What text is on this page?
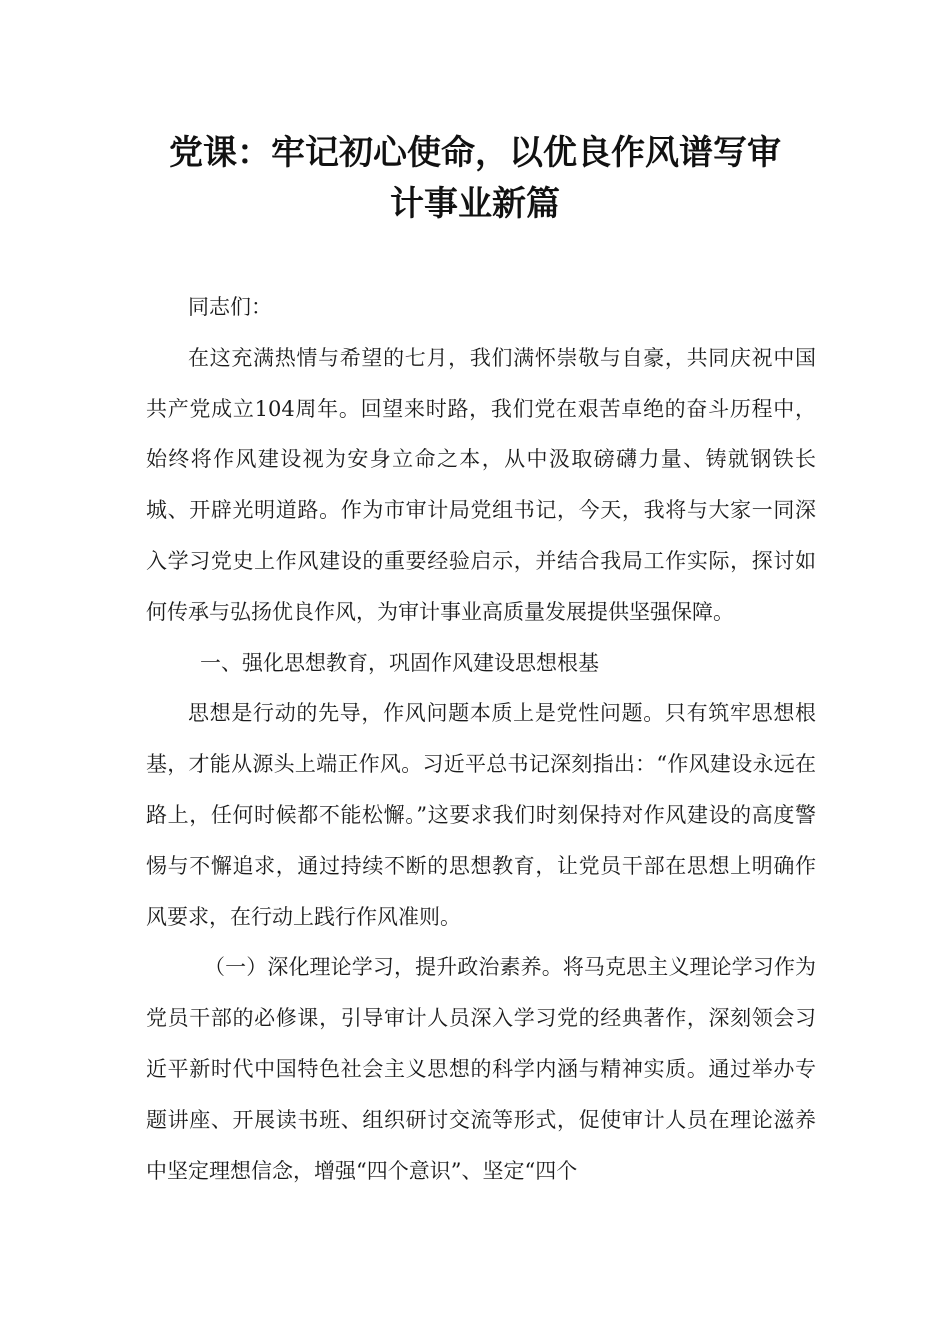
党课：牢记初心使命，以优良作风谱写审
计事业新篇

同志们：

在这充满热情与希望的七月，我们满怀崇敬与自豪，共同庆祝中国共产党成立104周年。回望来时路，我们党在艰苦卓绝的奋斗历程中，始终将作风建设视为安身立命之本，从中汲取磅礴力量、铸就钢铁长城、开辟光明道路。作为市审计局党组书记，今天，我将与大家一同深入学习党史上作风建设的重要经验启示，并结合我局工作实际，探讨如何传承与弘扬优良作风，为审计事业高质量发展提供坚强保障。

一、强化思想教育，巩固作风建设思想根基

思想是行动的先导，作风问题本质上是党性问题。只有筑牢思想根基，才能从源头上端正作风。习近平总书记深刻指出：“作风建设永远在路上，任何时候都不能松懈。”这要求我们时刻保持对作风建设的高度警惕与不懈追求，通过持续不断的思想教育，让党员干部在思想上明确作风要求，在行动上践行作风准则。

（一）深化理论学习，提升政治素养。将马克思主义理论学习作为党员干部的必修课，引导审计人员深入学习党的经典著作，深刻领会习近平新时代中国特色社会主义思想的科学内涵与精神实质。通过举办专题讲座、开展读书班、组织研讨交流等形式，促使审计人员在理论滋养中坚定理想信念，增强“四个意识”、坚定“四个
